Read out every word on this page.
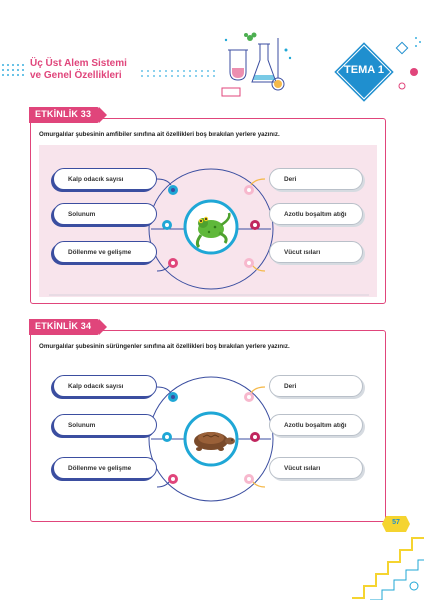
Üç Üst Alem Sistemi
ve Genel Özellikleri	TEMA 1
ETKİNLİK 33
Omurgalılar şubesinin amfibiler sınıfına ait özellikleri boş bırakılan yerlere yazınız.
Kalp odacık sayısı
Solunum
Döllenme ve gelişme
Deri
Azotlu boşaltım atığı
Vücut ısıları
ETKİNLİK 34
Omurgalılar şubesinin sürüngenler sınıfına ait özellikleri boş bırakılan yerlere yazınız.
Kalp odacık sayısı
Solunum
Döllenme ve gelişme
Deri
Azotlu boşaltım atığı
Vücut ısıları
57
